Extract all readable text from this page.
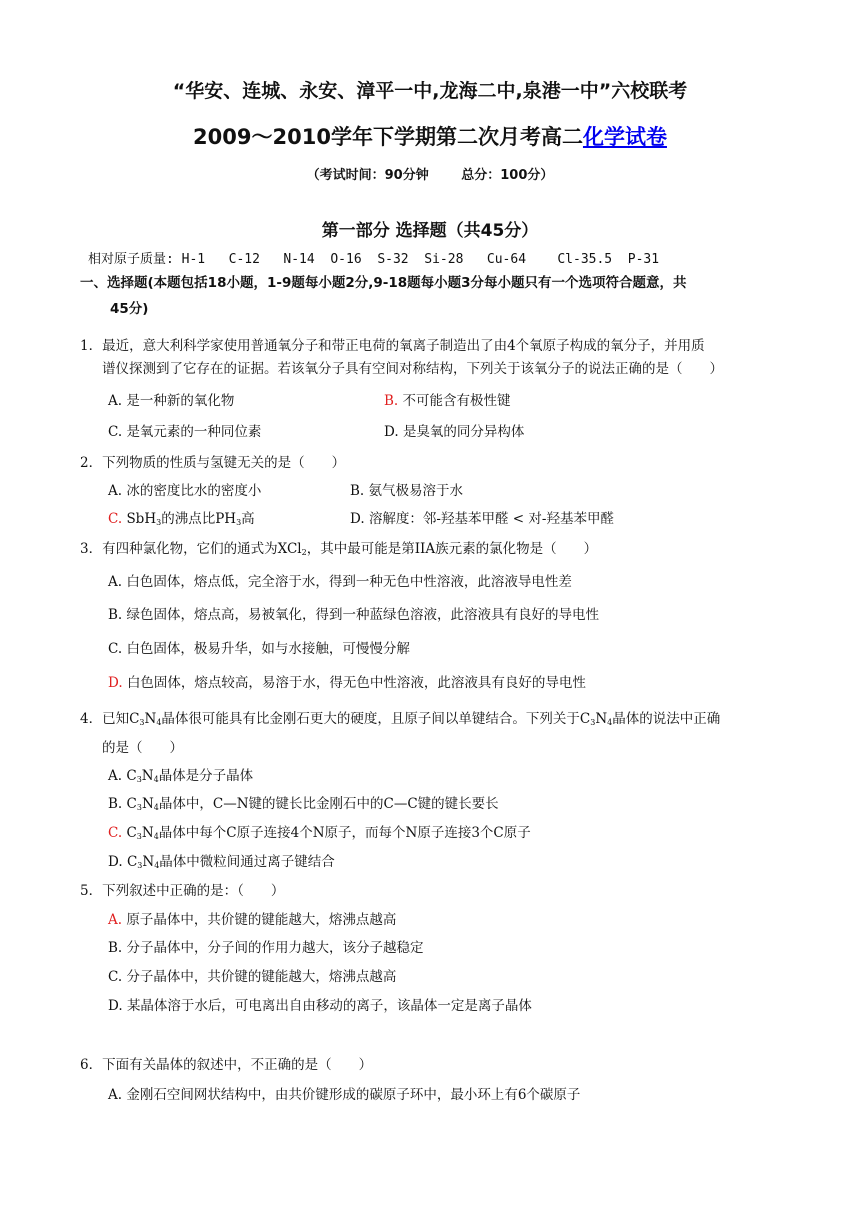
“华安、连城、永安、漳平一中,龙海二中,泉港一中”六校联考
2009～2010学年下学期第二次月考高二化学试卷
（考试时间：90分钟	总分：100分）
第一部分 选择题（共45分）
相对原子质量: H-1   C-12   N-14  O-16  S-32  Si-28   Cu-64    Cl-35.5  P-31
一、选择题(本题包括18小题，1-9题每小题2分,9-18题每小题3分每小题只有一个选项符合题意，共
45分)
1．最近，意大利科学家使用普通氧分子和带正电荷的氧离子制造出了由4个氧原子构成的氧分子，并用质
谱仪探测到了它存在的证据。若该氧分子具有空间对称结构，下列关于该氧分子的说法正确的是（　　）
A. 是一种新的氧化物	B. 不可能含有极性键
C. 是氧元素的一种同位素	D. 是臭氧的同分异构体
2．下列物质的性质与氢键无关的是（　　）
A. 冰的密度比水的密度小	B. 氨气极易溶于水
C. SbH$_3$的沸点比$PH_3$高	D. 溶解度：邻-羟基苯甲醛 < 对-羟基苯甲醛
3．有四种氯化物，它们的通式为XCl$_2$，其中最可能是第IIA族元素的氯化物是（　　）
A. 白色固体，熔点低，完全溶于水，得到一种无色中性溶液，此溶液导电性差
B. 绿色固体，熔点高，易被氧化，得到一种蓝绿色溶液，此溶液具有良好的导电性
C. 白色固体，极易升华，如与水接触，可慢慢分解
D. 白色固体，熔点较高，易溶于水，得无色中性溶液，此溶液具有良好的导电性
4．已知$C_3N_4$晶体很可能具有比金刚石更大的硬度，且原子间以单键结合。下列关于$C_3N_4$晶体的说法中正确
的是（　　）
A. $C_3N_4$晶体是分子晶体
B. $C_3N_4$晶体中，C—N键的键长比金刚石中的C—C键的键长要长
C. $C_3N_4$晶体中每个C原子连接4个N原子，而每个N原子连接3个C原子
D. $C_3N_4$晶体中微粒间通过离子键结合
5．下列叙述中正确的是：（　　）
A. 原子晶体中，共价键的键能越大，熔沸点越高
B. 分子晶体中，分子间的作用力越大，该分子越稳定
C. 分子晶体中，共价键的键能越大，熔沸点越高
D. 某晶体溶于水后，可电离出自由移动的离子，该晶体一定是离子晶体
6．下面有关晶体的叙述中，不正确的是（　　）
A. 金刚石空间网状结构中，由共价键形成的碳原子环中，最小环上有6个碳原子
